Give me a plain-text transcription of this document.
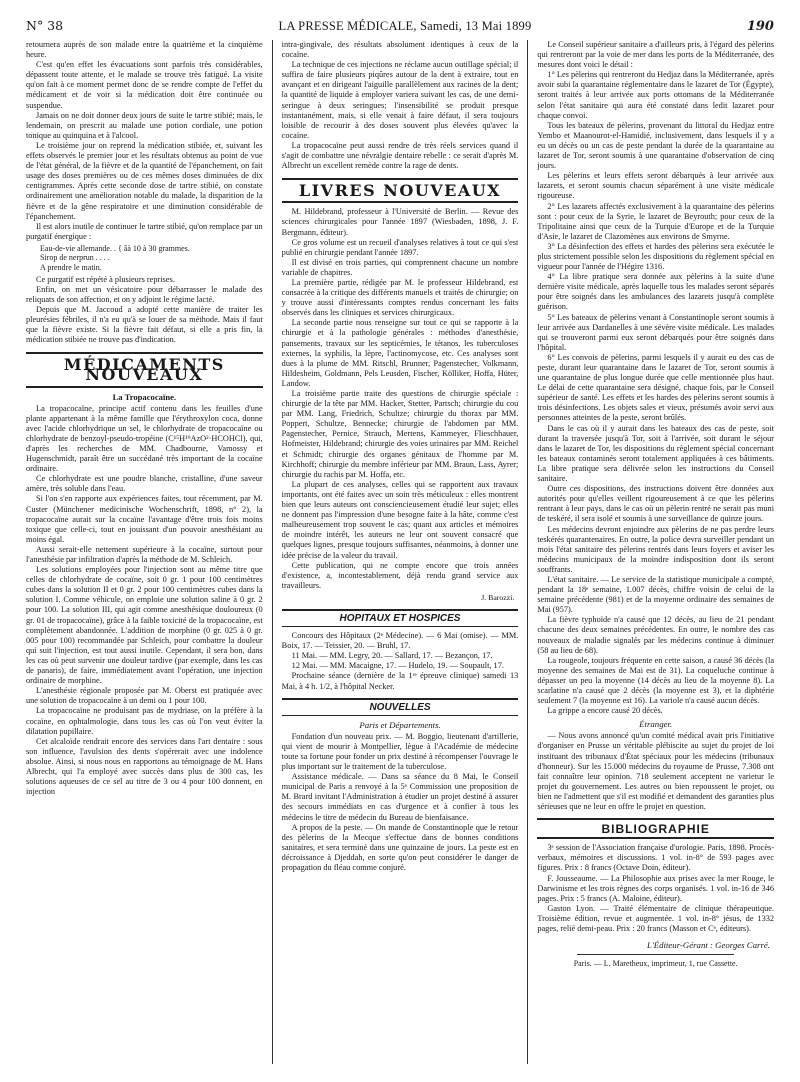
N° 38	LA PRESSE MÉDICALE, Samedi, 13 Mai 1899	190

retournera auprès de son malade entre la quatrième et la cinquième heure.

C'est qu'en effet les évacuations sont parfois très considérables, dépassent toute attente, et le malade se trouve très fatigué. La visite qu'on fait à ce moment permet donc de se rendre compte de l'effet du médicament et de voir si la médication doit être continuée ou suspendue.

Jamais on ne doit donner deux jours de suite le tartre stibié; mais, le lendemain, on prescrit au malade une potion cordiale, une potion tonique au quinquina et à l'alcool.

Le troisième jour on reprend la médication stibiée, et, suivant les effets observés le premier jour et les résultats obtenus au point de vue de l'état général, de la fièvre et de la quantité de l'épanchement, on fait usage des doses premières ou de ces mêmes doses diminuées de dix centigrammes. Après cette seconde dose de tartre stibié, on constate ordinairement une amélioration notable du malade, la disparition de la fièvre et de la gêne respiratoire et une diminution considérable de l'épanchement.

Il est alors inutile de continuer le tartre stibié, qu'on remplace par un purgatif énergique :

Eau-de-vie allemande. . { âà 10 à 30 grammes.
Sirop de nerprun . . . .
A prendre le matin.

Ce purgatif est répété à plusieurs reprises.

Enfin, on met un vésicatoire pour débarrasser le malade des reliquats de son affection, et on y adjoint le régime lacté.

Depuis que M. Jaccoud a adopté cette manière de traiter les pleurésies fébriles, il n'a eu qu'à se louer de sa méthode. Mais il faut que la fièvre existe. Si la fièvre fait défaut, si elle a pris fin, la médication stibiée ne trouve pas d'indication.

MÉDICAMENTS NOUVEAUX
La Tropacocaïne.

La tropacocaïne, principe actif contenu dans les feuilles d'une plante appartenant à la même famille que l'érythroxylon coca, donne avec l'acide chlorhydrique un sel, le chlorhydrate de tropacocaïne ou chlorhydrate de benzoyl-pseudo-tropéine (C¹⁵H¹⁹AzO²·HCOHCl), qui, d'après les recherches de MM. Chadbourne, Vamossy et Hugenschmidt, paraît être un succédané très important de la cocaïne ordinaire.

Ce chlorhydrate est une poudre blanche, cristalline, d'une saveur amère, très soluble dans l'eau.

Si l'on s'en rapporte aux expériences faites, tout récemment, par M. Custer (Münchener medicinische Wochenschrift, 1898, n° 2), la tropacocaïne aurait sur la cocaïne l'avantage d'être trois fois moins toxique que celle-ci, tout en jouissant d'un pouvoir anesthésiant au moins égal.

Aussi serait-elle nettement supérieure à la cocaïne, surtout pour l'anesthésie par infiltration d'après la méthode de M. Schleich.

Les solutions employées pour l'injection sont au même titre que celles de chlorhydrate de cocaïne, soit 0 gr. 1 pour 100 centimètres cubes dans la solution II et 0 gr. 2 pour 100 centimètres cubes dans la solution I. Comme véhicule, on emploie une solution saline à 0 gr. 2 pour 100. La solution III, qui agit comme anesthésique douloureux (0 gr. 01 de tropacocaïne), grâce à la faible toxicité de la tropacocaïne, est complètement abandonnée. L'addition de morphine (0 gr. 025 à 0 gr. 005 pour 100) recommandée par Schleich, pour combattre la douleur qui suit l'injection, est tout aussi inutile. Cependant, il sera bon, dans les cas où peut survenir une douleur tardive (par exemple, dans les cas de panaris), de faire, immédiatement avant l'opération, une injection ordinaire de morphine.

L'anesthésie régionale proposée par M. Oberst est pratiquée avec une solution de tropacocaïne à un demi ou 1 pour 100.

La tropacocaïne ne produisant pas de mydriase, on la préfère à la cocaïne, en ophtalmologie, dans tous les cas où l'on veut éviter la dilatation pupillaire.

Cet alcaloïde rendrait encore des services dans l'art dentaire : sous son influence, l'avulsion des dents s'opérerait avec une indolence absolue. Ainsi, si nous nous en rapportons au témoignage de M. Hans Albrecht, qui l'a employé avec succès dans plus de 300 cas, les solutions aqueuses de ce sel au titre de 3 ou 4 pour 100 donnent, en injection

intra-gingivale, des résultats absolument identiques à ceux de la cocaïne.

La technique de ces injections ne réclame aucun outillage spécial; il suffira de faire plusieurs piqûres autour de la dent à extraire, tout en avançant et en dirigeant l'aiguille parallèlement aux racines de la dent; la quantité de liquide à employer variera suivant les cas, de une demi-seringue à deux seringues; l'insensibilité se produit presque instantanément, mais, si elle venait à faire défaut, il sera toujours loisible de recourir à des doses souvent plus élevées qu'avec la cocaïne.

La tropacocaïne peut aussi rendre de très réels services quand il s'agit de combattre une névralgie dentaire rebelle : ce serait d'après M. Albrecht un excellent remède contre la rage de dents.

LIVRES NOUVEAUX

M. Hildebrand, professeur à l'Université de Berlin. — Revue des sciences chirurgicales pour l'année 1897 (Wiesbaden, 1898, J. F. Bergmann, éditeur).

Ce gros volume est un recueil d'analyses relatives à tout ce qui s'est publié en chirurgie pendant l'année 1897.

Il est divisé en trois parties, qui comprennent chacune un nombre variable de chapitres.

La première partie, rédigée par M. le professeur Hildebrand, est consacrée à la critique des différents manuels et traités de chirurgie; on y trouve aussi d'intéressants comptes rendus concernant les faits observés dans les cliniques et services chirurgicaux.

La seconde partie nous renseigne sur tout ce qui se rapporte à la chirurgie et à la pathologie générales : méthodes d'anesthésie, pansements, travaux sur les septicémies, le tétanos, les tuberculoses externes, la syphilis, la lèpre, l'actinomycose, etc. Ces analyses sont dues à la plume de MM. Ritschl, Brunner, Pagenstecher, Volkmann, Hildesheim, Goldmann, Pels Leusden, Fischer, Kölliker, Hoffa, Hüter, Landow.

La troisième partie traite des questions de chirurgie spéciale : chirurgie de la tête par MM. Hacker, Stetter, Partsch; chirurgie du cou par MM. Lang, Friedrich, Schultze; chirurgie du thorax par MM. Poppert, Schultze, Bennecke; chirurgie de l'abdomen par MM. Pagenstecher, Pernice, Strauch, Mertens, Kammeyer, Flieschhauer, Hofmeister, Hildebrand; chirurgie des voies urinaires par MM. Reichel et Schmidt; chirurgie des organes génitaux de l'homme par M. Kirchhoff; chirurgie du membre inférieur par MM. Braun, Lass, Ayrer; chirurgie du rachis par M. Hoffa, etc.

La plupart de ces analyses, celles qui se rapportent aux travaux importants, ont été faites avec un soin très méticuleux : elles montrent bien que leurs auteurs ont consciencieusement étudié leur sujet; elles ne donnent pas l'impression d'une besogne faite à la hâte, comme c'est malheureusement trop souvent le cas; quant aux articles et mémoires de moindre intérêt, les auteurs ne leur ont souvent consacré que quelques lignes, presque toujours suffisantes, néanmoins, à donner une idée précise de la valeur du travail.

Cette publication, qui ne compte encore que trois années d'existence, a, incontestablement, déjà rendu grand service aux travailleurs.

J. Barozzi.
HOPITAUX ET HOSPICES

Concours des Hôpitaux (2ᵉ Médecine). — 6 Mai (omise). — MM. Boix, 17. — Teissier, 20. — Bruhl, 17.

11 Mai. — MM. Legry, 20. — Sallard, 17. — Bezançon, 17.

12 Mai. — MM. Macaigne, 17. — Hudelo, 19. — Soupault, 17.

Prochaine séance (dernière de la 1ʳᵉ épreuve clinique) samedi 13 Mai, à 4 h. 1/2, à l'hôpital Necker.

NOUVELLES
Paris et Départements.

Fondation d'un nouveau prix. — M. Boggio, lieutenant d'artillerie, qui vient de mourir à Montpellier, lègue à l'Académie de médecine toute sa fortune pour fonder un prix destiné à récompenser l'ouvrage le plus important sur le traitement de la tuberculose.

Assistance médicale. — Dans sa séance du 8 Mai, le Conseil municipal de Paris a renvoyé à la 5ᵉ Commission une proposition de M. Brard invitant l'Administration à étudier un projet destiné à assurer des secours immédiats en cas d'urgence et à confier à tous les médecins le titre de médecin du Bureau de bienfaisance.

A propos de la peste. — On mande de Constantinople que le retour des pèlerins de la Mecque s'effectue dans de bonnes conditions sanitaires, et sera terminé dans une quinzaine de jours. La peste est en décroissance à Djeddah, en sorte qu'on peut considérer le danger de propagation du fléau comme conjuré.

Le Conseil supérieur sanitaire a d'ailleurs pris, à l'égard des pèlerins qui rentreront par la voie de mer dans les ports de la Méditerranée, des mesures dont voici le détail :

1° Les pèlerins qui rentreront du Hedjaz dans la Méditerranée, après avoir subi la quarantaine réglementaire dans le lazaret de Tor (Égypte), seront traités à leur arrivée aux ports ottomans de la Méditerranée selon l'état sanitaire qui aura été constaté dans ledit lazaret pour chaque convoi.

Tous les bateaux de pèlerins, provenant du littoral du Hedjaz entre Yembo et Maanourot-el-Hamidié, inclusivement, dans lesquels il y a eu un décès ou un cas de peste pendant la durée de la quarantaine au lazaret de Tor, seront soumis à une quarantaine d'observation de cinq jours.

Les pèlerins et leurs effets seront débarqués à leur arrivée aux lazarets, et seront soumis chacun séparément à une visite médicale rigoureuse.

2° Les lazarets affectés exclusivement à la quarantaine des pèlerins sont : pour ceux de la Syrie, le lazaret de Beyrouth; pour ceux de la Tripolitaine ainsi que ceux de la Turquie d'Europe et de la Turquie d'Asie, le lazaret de Clazomènes aux environs de Smyrne.

3° La désinfection des effets et hardes des pèlerins sera exécutée le plus strictement possible selon les dispositions du règlement spécial en vigueur pour l'année de l'Hégire 1316.

4° La libre pratique sera donnée aux pèlerins à la suite d'une dernière visite médicale, après laquelle tous les malades seront séparés pour être soignés dans les ambulances des lazarets jusqu'à complète guérison.

5° Les bateaux de pèlerins venant à Constantinople seront soumis à leur arrivée aux Dardanelles à une sévère visite médicale. Les malades qui se trouveront parmi eux seront débarqués pour être soignés dans l'hôpital.

6° Les convois de pèlerins, parmi lesquels il y aurait eu des cas de peste, durant leur quarantaine dans le lazaret de Tor, seront soumis à une quarantaine de plus longue durée que celle mentionnée plus haut. Le délai de cette quarantaine sera désigné, chaque fois, par le Conseil supérieur de santé. Les effets et les hardes des pèlerins seront soumis à trois désinfections. Les objets sales et vieux, présumés avoir servi aux personnes atteintes de la peste, seront brûlés.

Dans le cas où il y aurait dans les bateaux des cas de peste, soit durant la traversée jusqu'à Tor, soit à l'arrivée, soit durant le séjour dans le lazaret de Tor, les dispositions du règlement spécial concernant les bateaux contaminés seront totalement appliquées à ces bâtiments. La libre pratique sera délivrée selon les instructions du Conseil sanitaire.

Outre ces dispositions, des instructions doivent être données aux autorités pour qu'elles veillent rigoureusement à ce que les pèlerins rentrant à leur pays, dans le cas où un pèlerin rentré ne serait pas muni de teskéré, il sera isolé et soumis à une surveillance de quinze jours.

Les médecins devront enjoindre aux pèlerins de ne pas perdre leurs teskérés quarantenaires. En outre, la police devra surveiller pendant un mois l'état sanitaire des pèlerins rentrés dans leurs foyers et aviser les médecins municipaux de la moindre indisposition dont ils seront souffrants.

L'état sanitaire. — Le service de la statistique municipale a compté, pendant la 18ᵉ semaine, 1.007 décès, chiffre voisin de celui de la semaine précédente (981) et de la moyenne ordinaire des semaines de Mai (957).

La fièvre typhoïde n'a causé que 12 décès, au lieu de 21 pendant chacune des deux semaines précédentes. En outre, le nombre des cas nouveaux de maladie signalés par les médecins continue à diminuer (58 au lieu de 68).

La rougeole, toujours fréquente en cette saison, a causé 36 décès (la moyenne des semaines de Mai est de 31). La coqueluche continue à dépasser un peu la moyenne (14 décès au lieu de la moyenne 8). La scarlatine n'a causé que 2 décès (la moyenne est 3), et la diphtérie seulement 7 (la moyenne est 16). La variole n'a causé aucun décès.

La grippe a encore causé 20 décès.

Étranger.

— Nous avons annoncé qu'un comité médical avait pris l'initiative d'organiser en Prusse un véritable plébiscite au sujet du projet de loi instituant des tribunaux d'État spéciaux pour les médecins (tribunaux d'honneur). Sur les 15.000 médecins du royaume de Prusse, 7.308 ont fait connaître leur opinion. 718 seulement acceptent ne varietur le projet du gouvernement. Les autres ou bien repoussent le projet, ou bien ne l'admettent que s'il est modifié et demandent des garanties plus sérieuses que ne leur en offre le projet en question.

BIBLIOGRAPHIE

3ᵉ session de l'Association française d'urologie. Paris, 1898. Procès-verbaux, mémoires et discussions. 1 vol. in-8° de 593 pages avec figures. Prix : 8 francs (Octave Doin, éditeur).

F. Jousseaume. — La Philosophie aux prises avec la mer Rouge, le Darwinisme et les trois règnes des corps organisés. 1 vol. in-16 de 346 pages. Prix : 5 francs (A. Maloine, éditeur).

Gaston Lyon. — Traité élémentaire de clinique thérapeutique. Troisième édition, revue et augmentée. 1 vol. in-8° jésus, de 1332 pages, relié demi-peau. Prix : 20 francs (Masson et Cᵉ, éditeurs).

L'Éditeur-Gérant : Georges Carré.
Paris. — L. Maretheux, imprimeur, 1, rue Cassette.
